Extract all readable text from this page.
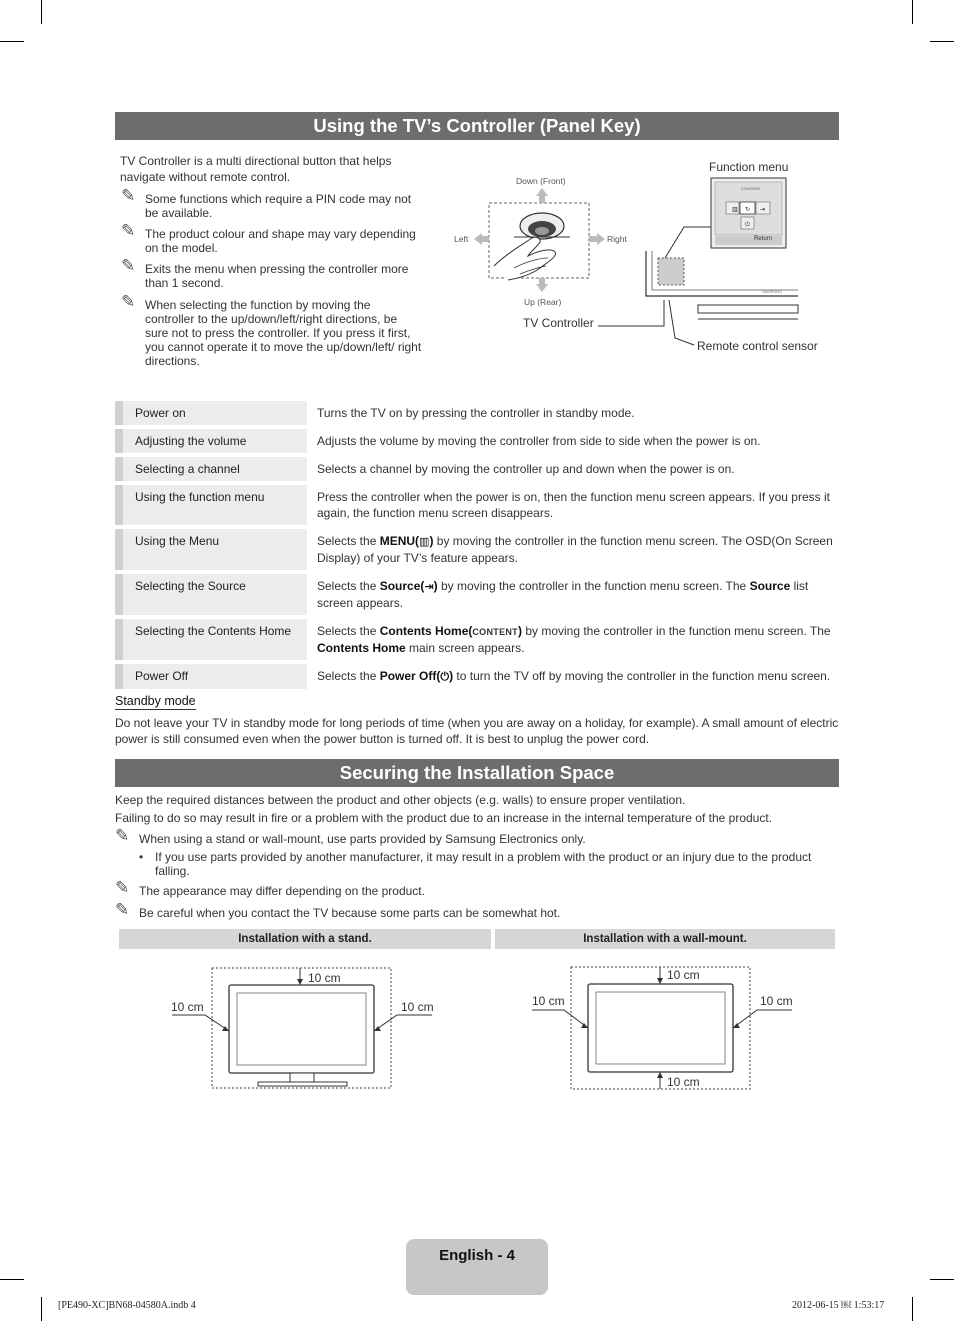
Using the TV’s Controller (Panel Key)
TV Controller is a multi directional button that helps navigate without remote control.
✎ Some functions which require a PIN code may not be available.
✎ The product colour and shape may vary depending on the model.
✎ Exits the menu when pressing the controller more than 1 second.
✎ When selecting the function by moving the controller to the up/down/left/right directions, be sure not to press the controller. If you press it first, you cannot operate it to move the up/down/left/ right directions.
▥ ↻ ⇥
⏻
Down (Front)
Up (Rear)
Left	Right
Function menu
TV Controller
Remote control sensor
CONTENT
Return
SAMSUNG
	Power on	Turns the TV on by pressing the controller in standby mode.
	Adjusting the volume	Adjusts the volume by moving the controller from side to side when the power is on.
	Selecting a channel	Selects a channel by moving the controller up and down when the power is on.
	Using the function menu	Press the controller when the power is on, then the function menu screen appears. If you press it again, the function menu screen disappears.
	Using the Menu	Selects the MENU(▥) by moving the controller in the function menu screen. The OSD(On Screen Display) of your TV’s feature appears.
	Selecting the Source	Selects the Source(⇥) by moving the controller in the function menu screen. The Source list screen appears.
	Selecting the Contents Home	Selects the Contents Home(CONTENT) by moving the controller in the function menu screen. The Contents Home main screen appears.
	Power Off	Selects the Power Off(⏻) to turn the TV off by moving the controller in the function menu screen.
Standby mode
Do not leave your TV in standby mode for long periods of time (when you are away on a holiday, for example). A small amount of electric power is still consumed even when the power button is turned off. It is best to unplug the power cord.
Securing the Installation Space
Keep the required distances between the product and other objects (e.g. walls) to ensure proper ventilation.
Failing to do so may result in fire or a problem with the product due to an increase in the internal temperature of the product.
✎ When using a stand or wall-mount, use parts provided by Samsung Electronics only.
• If you use parts provided by another manufacturer, it may result in a problem with the product or an injury due to the product falling.
✎ The appearance may differ depending on the product.
✎ Be careful when you contact the TV because some parts can be somewhat hot.
Installation with a stand.	Installation with a wall-mount.
10 cm
10 cm	10 cm
10 cm
10 cm	10 cm
10 cm
English - 4
[PE490-XC]BN68-04580A.indb 4	2012-06-15 ￼ 1:53:17
